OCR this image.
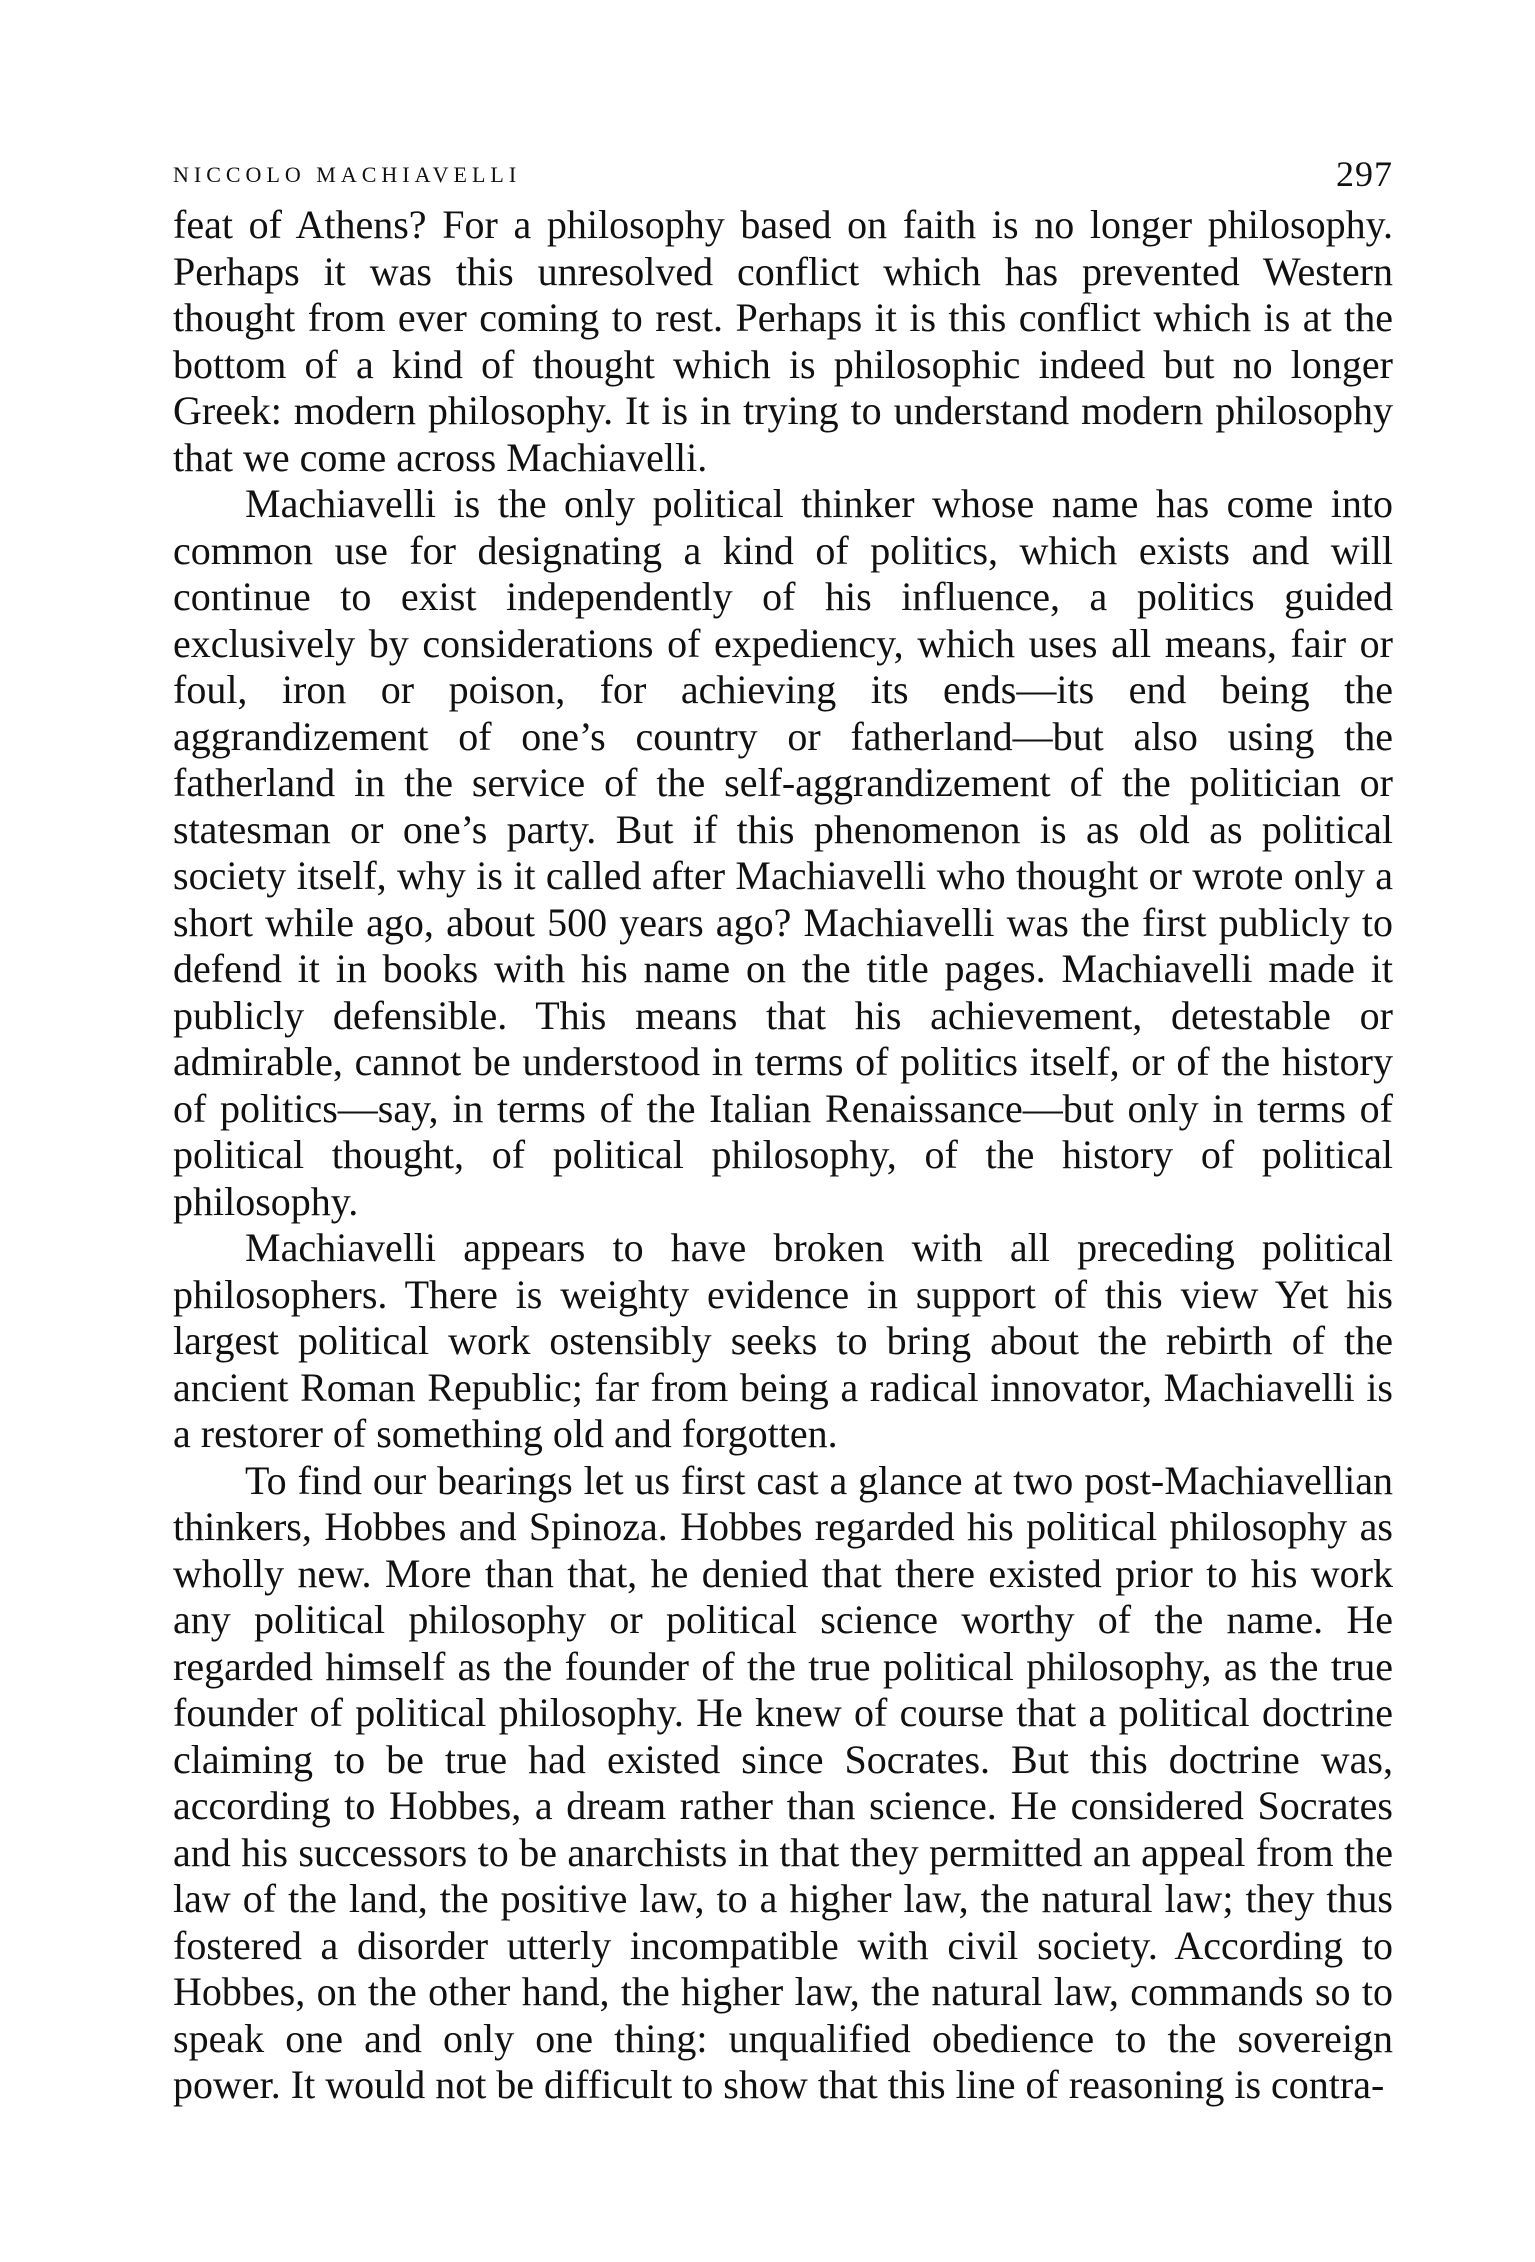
NICCOLO MACHIAVELLI	297

feat of Athens? For a philosophy based on faith is no longer philosophy. Perhaps it was this unresolved conflict which has prevented Western thought from ever coming to rest. Perhaps it is this conflict which is at the bottom of a kind of thought which is philosophic indeed but no longer Greek: modern philosophy. It is in trying to understand modern philosophy that we come across Machiavelli.

Machiavelli is the only political thinker whose name has come into common use for designating a kind of politics, which exists and will continue to exist independently of his influence, a politics guided exclusively by considerations of expediency, which uses all means, fair or foul, iron or poison, for achieving its ends—its end being the aggrandizement of one’s country or fatherland—but also using the fatherland in the service of the self-aggrandizement of the politician or statesman or one’s party. But if this phenomenon is as old as political society itself, why is it called after Machiavelli who thought or wrote only a short while ago, about 500 years ago? Machiavelli was the first publicly to defend it in books with his name on the title pages. Machiavelli made it publicly defensible. This means that his achievement, detestable or admirable, cannot be understood in terms of politics itself, or of the history of politics—say, in terms of the Italian Renaissance—but only in terms of political thought, of political philosophy, of the history of political philosophy.

Machiavelli appears to have broken with all preceding political philosophers. There is weighty evidence in support of this view Yet his largest political work ostensibly seeks to bring about the rebirth of the ancient Roman Republic; far from being a radical innovator, Machiavelli is a restorer of something old and forgotten.

To find our bearings let us first cast a glance at two post-Machiavellian thinkers, Hobbes and Spinoza. Hobbes regarded his political philosophy as wholly new. More than that, he denied that there existed prior to his work any political philosophy or political science worthy of the name. He regarded himself as the founder of the true political philosophy, as the true founder of political philosophy. He knew of course that a political doctrine claiming to be true had existed since Socrates. But this doctrine was, according to Hobbes, a dream rather than science. He considered Socrates and his successors to be anarchists in that they permitted an appeal from the law of the land, the positive law, to a higher law, the natural law; they thus fostered a disorder utterly incompatible with civil society. According to Hobbes, on the other hand, the higher law, the natural law, commands so to speak one and only one thing: unqualified obedience to the sovereign power. It would not be difficult to show that this line of reasoning is contra-
